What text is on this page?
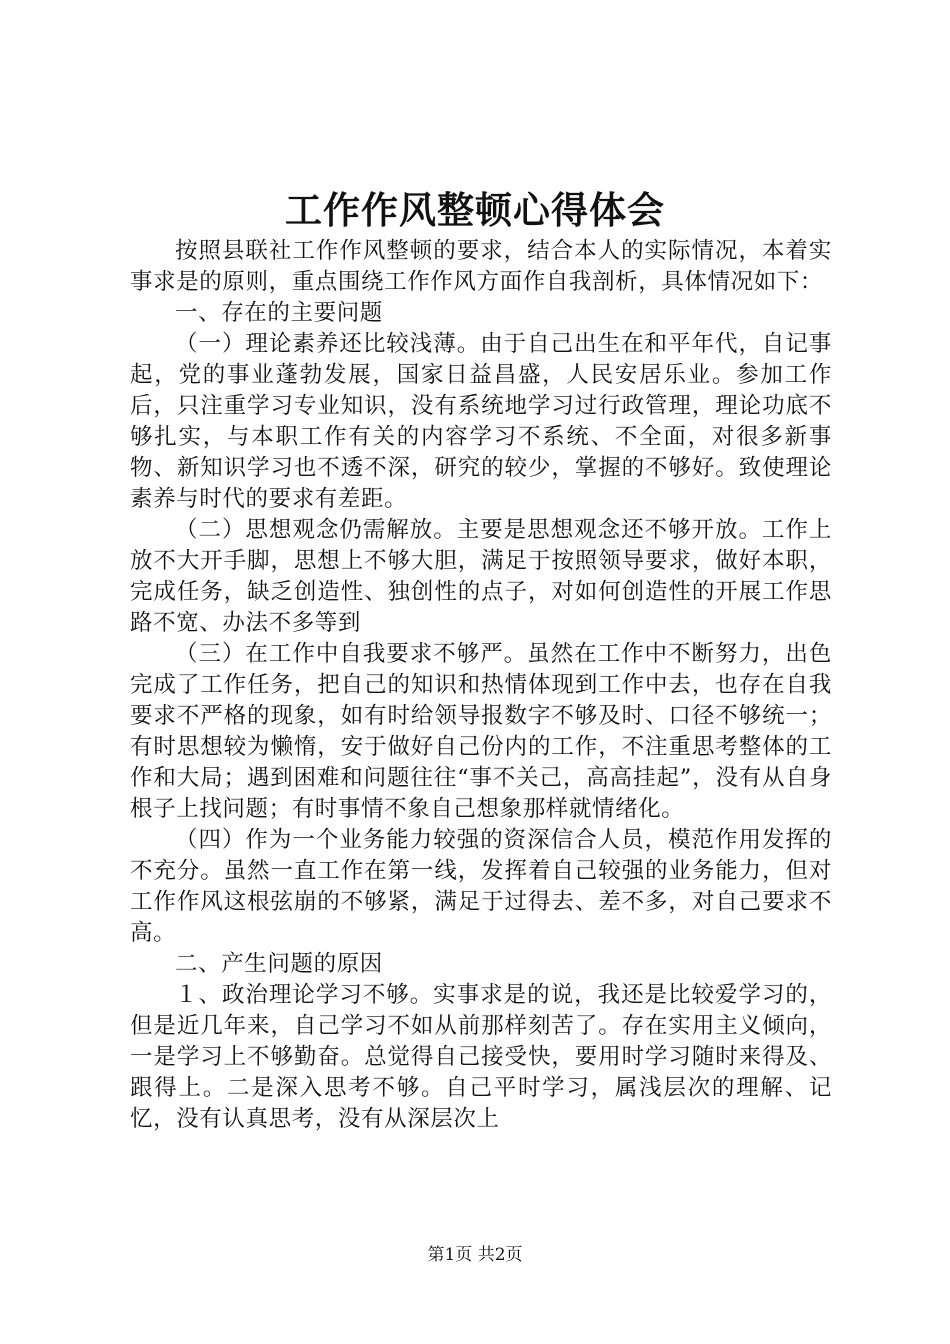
工作作风整顿心得体会

按照县联社工作作风整顿的要求，结合本人的实际情况，本着实事求是的原则，重点围绕工作作风方面作自我剖析，具体情况如下：

一、存在的主要问题

（一）理论素养还比较浅薄。由于自己出生在和平年代，自记事起，党的事业蓬勃发展，国家日益昌盛，人民安居乐业。参加工作后，只注重学习专业知识，没有系统地学习过行政管理，理论功底不够扎实，与本职工作有关的内容学习不系统、不全面，对很多新事物、新知识学习也不透不深，研究的较少，掌握的不够好。致使理论素养与时代的要求有差距。

（二）思想观念仍需解放。主要是思想观念还不够开放。工作上放不大开手脚，思想上不够大胆，满足于按照领导要求，做好本职，完成任务，缺乏创造性、独创性的点子，对如何创造性的开展工作思路不宽、办法不多等到

（三）在工作中自我要求不够严。虽然在工作中不断努力，出色完成了工作任务，把自己的知识和热情体现到工作中去，也存在自我要求不严格的现象，如有时给领导报数字不够及时、口径不够统一；有时思想较为懒惰，安于做好自己份内的工作，不注重思考整体的工作和大局；遇到困难和问题往往“事不关己，高高挂起”，没有从自身根子上找问题；有时事情不象自己想象那样就情绪化。

（四）作为一个业务能力较强的资深信合人员，模范作用发挥的不充分。虽然一直工作在第一线，发挥着自己较强的业务能力，但对工作作风这根弦崩的不够紧，满足于过得去、差不多，对自己要求不高。

二、产生问题的原因

１、政治理论学习不够。实事求是的说，我还是比较爱学习的，但是近几年来，自己学习不如从前那样刻苦了。存在实用主义倾向，一是学习上不够勤奋。总觉得自己接受快，要用时学习随时来得及、跟得上。二是深入思考不够。自己平时学习，属浅层次的理解、记忆，没有认真思考，没有从深层次上

第1页 共2页
